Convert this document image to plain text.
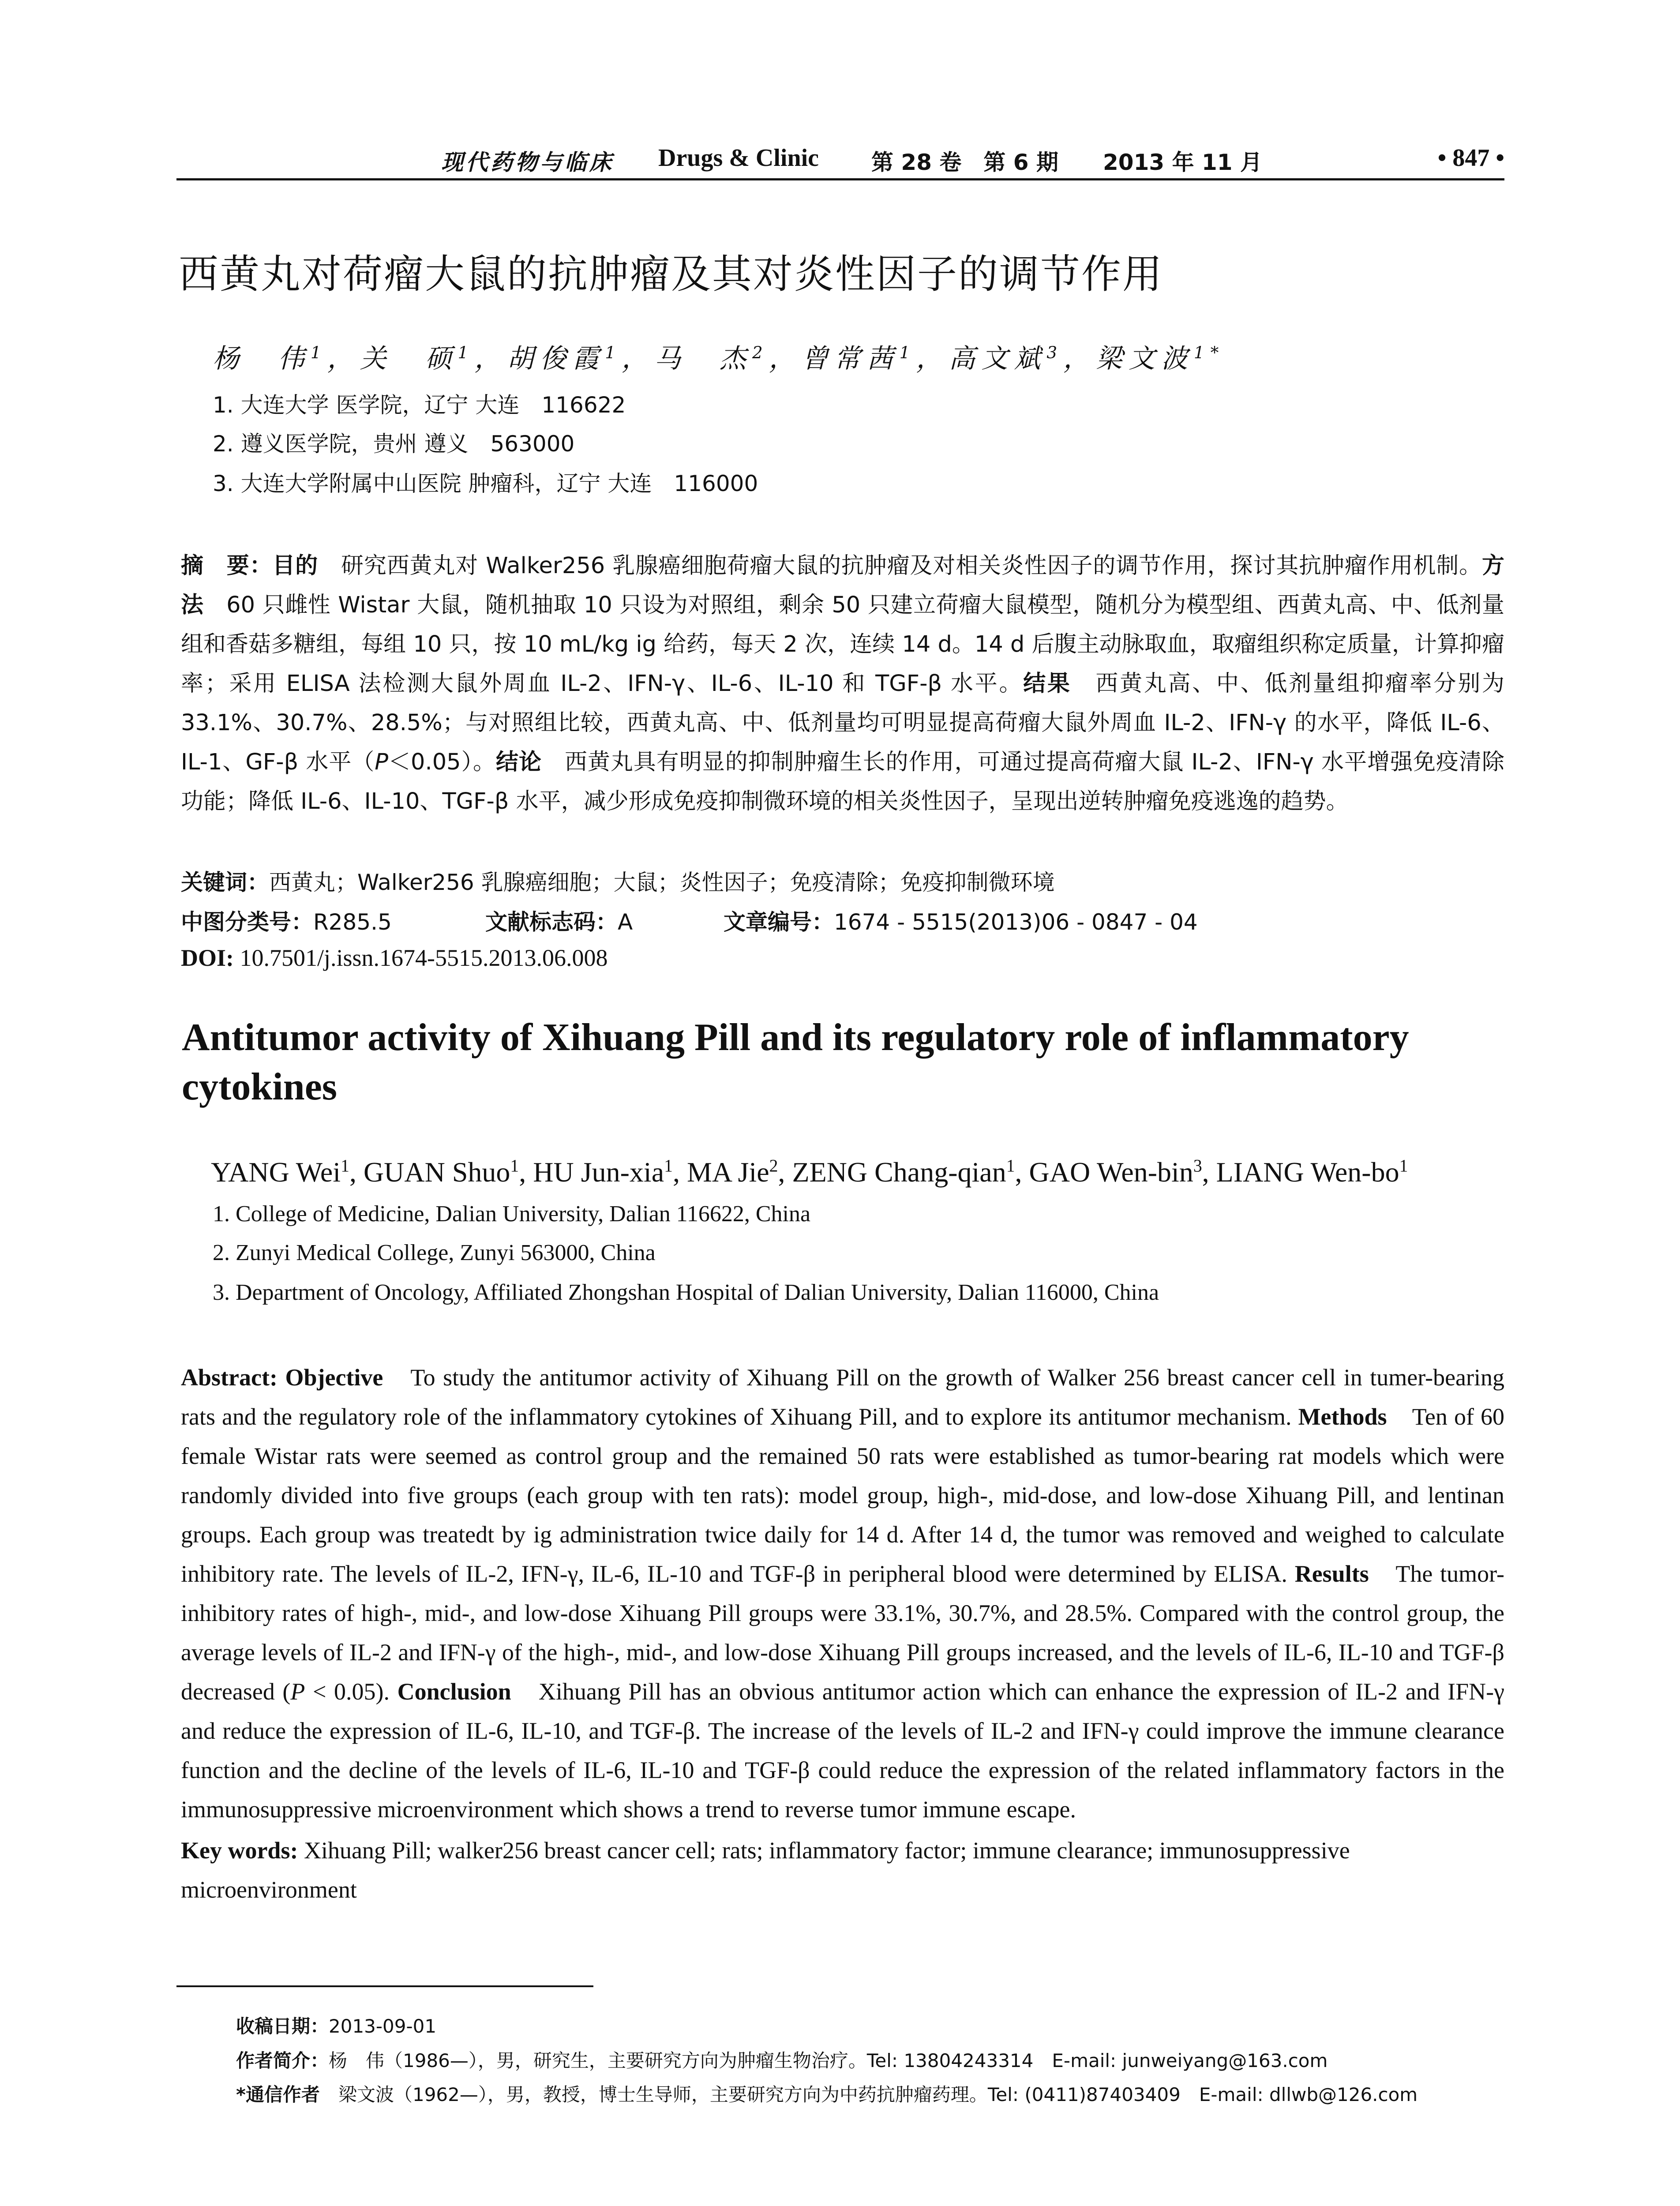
现代药物与临床 Drugs & Clinic 第 28 卷　第 6 期 2013 年 11 月	• 847 •
西黄丸对荷瘤大鼠的抗肿瘤及其对炎性因子的调节作用
杨　伟$^1$，关　硕$^1$，胡俊霞$^1$，马　杰$^2$，曾常茜$^1$，高文斌$^3$，梁文波$^{1*}$
1. 大连大学 医学院，辽宁 大连　116622
2. 遵义医学院，贵州 遵义　563000
3. 大连大学附属中山医院 肿瘤科，辽宁 大连　116000
摘　要：目的　研究西黄丸对 Walker256 乳腺癌细胞荷瘤大鼠的抗肿瘤及对相关炎性因子的调节作用，探讨其抗肿瘤作用机制。方法　60 只雌性 Wistar 大鼠，随机抽取 10 只设为对照组，剩余 50 只建立荷瘤大鼠模型，随机分为模型组、西黄丸高、中、低剂量组和香菇多糖组，每组 10 只，按 10 mL/kg ig 给药，每天 2 次，连续 14 d。14 d 后腹主动脉取血，取瘤组织称定质量，计算抑瘤率；采用 ELISA 法检测大鼠外周血 IL-2、IFN-γ、IL-6、IL-10 和 TGF-β 水平。结果　西黄丸高、中、低剂量组抑瘤率分别为 33.1%、30.7%、28.5%；与对照组比较，西黄丸高、中、低剂量均可明显提高荷瘤大鼠外周血 IL-2、IFN-γ 的水平，降低 IL-6、IL-1、GF-β 水平（P＜0.05）。结论　西黄丸具有明显的抑制肿瘤生长的作用，可通过提高荷瘤大鼠 IL-2、IFN-γ 水平增强免疫清除功能；降低 IL-6、IL-10、TGF-β 水平，减少形成免疫抑制微环境的相关炎性因子，呈现出逆转肿瘤免疫逃逸的趋势。
关键词：西黄丸；Walker256 乳腺癌细胞；大鼠；炎性因子；免疫清除；免疫抑制微环境
中图分类号：R285.5	文献标志码：A	文章编号：1674 - 5515(2013)06 - 0847 - 04
DOI: 10.7501/j.issn.1674-5515.2013.06.008
Antitumor activity of Xihuang Pill and its regulatory role of inflammatory cytokines
YANG Wei$^1$, GUAN Shuo$^1$, HU Jun-xia$^1$, MA Jie$^2$, ZENG Chang-qian$^1$, GAO Wen-bin$^3$, LIANG Wen-$bo^1$
1. College of Medicine, Dalian University, Dalian 116622, China
2. Zunyi Medical College, Zunyi 563000, China
3. Department of Oncology, Affiliated Zhongshan Hospital of Dalian University, Dalian 116000, China
Abstract: Objective　To study the antitumor activity of Xihuang Pill on the growth of Walker 256 breast cancer cell in tumer-bearing rats and the regulatory role of the inflammatory cytokines of Xihuang Pill, and to explore its antitumor mechanism. Methods　Ten of 60 female Wistar rats were seemed as control group and the remained 50 rats were established as tumor-bearing rat models which were randomly divided into five groups (each group with ten rats): model group, high-, mid-dose, and low-dose Xihuang Pill, and lentinan groups. Each group was treatedt by ig administration twice daily for 14 d. After 14 d, the tumor was removed and weighed to calculate inhibitory rate. The levels of IL-2, IFN-γ, IL-6, IL-10 and TGF-β in peripheral blood were determined by ELISA. Results　The tumor-inhibitory rates of high-, mid-, and low-dose Xihuang Pill groups were 33.1%, 30.7%, and 28.5%. Compared with the control group, the average levels of IL-2 and IFN-γ of the high-, mid-, and low-dose Xihuang Pill groups increased, and the levels of IL-6, IL-10 and TGF-β decreased (P < 0.05). Conclusion　Xihuang Pill has an obvious antitumor action which can enhance the expression of IL-2 and IFN-γ and reduce the expression of IL-6, IL-10, and TGF-β. The increase of the levels of IL-2 and IFN-γ could improve the immune clearance function and the decline of the levels of IL-6, IL-10 and TGF-β could reduce the expression of the related inflammatory factors in the immunosuppressive microenvironment which shows a trend to reverse tumor immune escape.
Key words: Xihuang Pill; walker256 breast cancer cell; rats; inflammatory factor; immune clearance; immunosuppressive microenvironment
收稿日期：2013-09-01
作者简介：杨　伟（1986—），男，研究生，主要研究方向为肿瘤生物治疗。Tel: 13804243314　E-mail: junweiyang@163.com
*通信作者　梁文波（1962—），男，教授，博士生导师，主要研究方向为中药抗肿瘤药理。Tel: (0411)87403409　E-mail: dllwb@126.com
